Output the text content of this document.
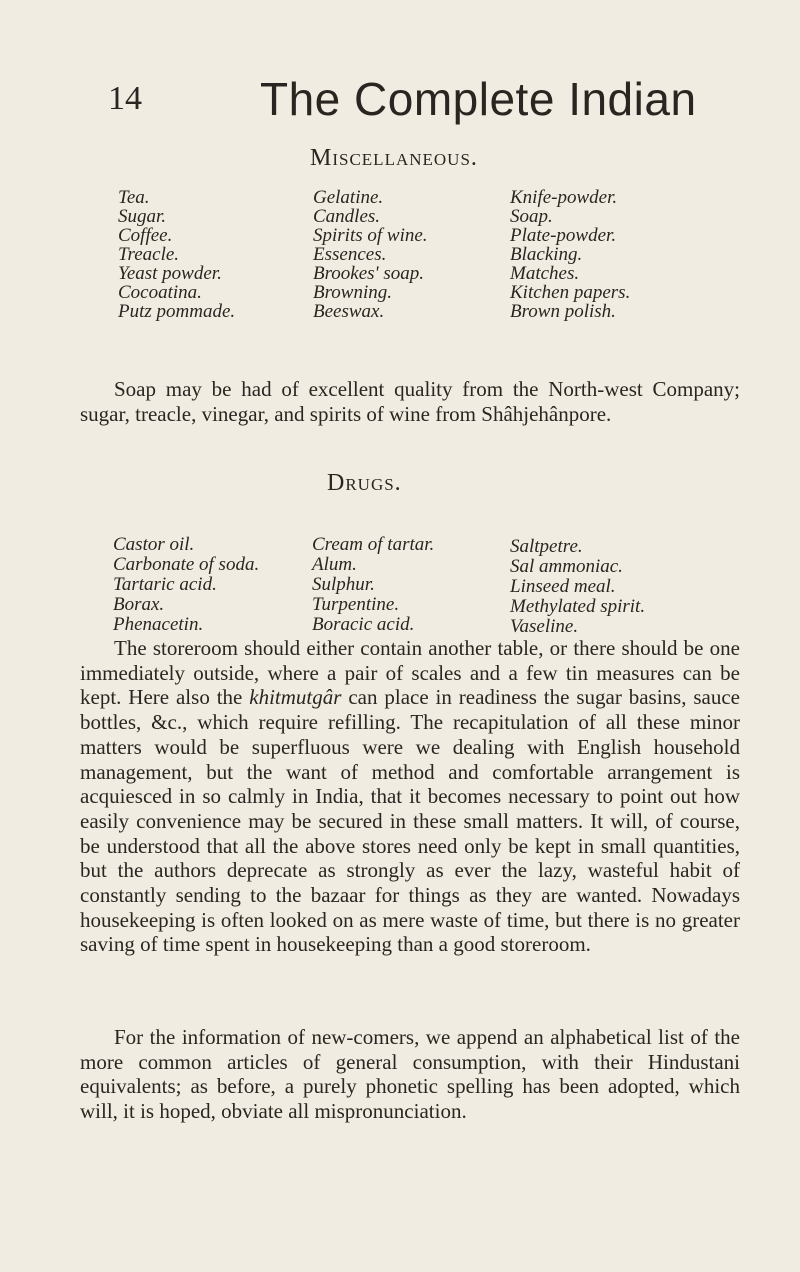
14	The Complete Indian
Miscellaneous.
Tea.
Sugar.
Coffee.
Treacle.
Yeast powder.
Cocoatina.
Putz pommade.
Gelatine.
Candles.
Spirits of wine.
Essences.
Brookes' soap.
Browning.
Beeswax.
Knife-powder.
Soap.
Plate-powder.
Blacking.
Matches.
Kitchen papers.
Brown polish.

Soap may be had of excellent quality from the North-west Company; sugar, treacle, vinegar, and spirits of wine from Shâhjehânpore.

Drugs.
Castor oil.
Carbonate of soda.
Tartaric acid.
Borax.
Phenacetin.
Cream of tartar.
Alum.
Sulphur.
Turpentine.
Boracic acid.
Saltpetre.
Sal ammoniac.
Linseed meal.
Methylated spirit.
Vaseline.

The storeroom should either contain another table, or there should be one immediately outside, where a pair of scales and a few tin measures can be kept. Here also the khitmutgâr can place in readiness the sugar basins, sauce bottles, &c., which require refilling. The recapitulation of all these minor matters would be superfluous were we dealing with English household management, but the want of method and comfortable arrangement is acquiesced in so calmly in India, that it becomes necessary to point out how easily convenience may be secured in these small matters. It will, of course, be understood that all the above stores need only be kept in small quantities, but the authors deprecate as strongly as ever the lazy, wasteful habit of constantly sending to the bazaar for things as they are wanted. Nowadays housekeeping is often looked on as mere waste of time, but there is no greater saving of time spent in housekeeping than a good storeroom.

For the information of new-comers, we append an alphabetical list of the more common articles of general consumption, with their Hindustani equivalents; as before, a purely phonetic spelling has been adopted, which will, it is hoped, obviate all mispronunciation.
